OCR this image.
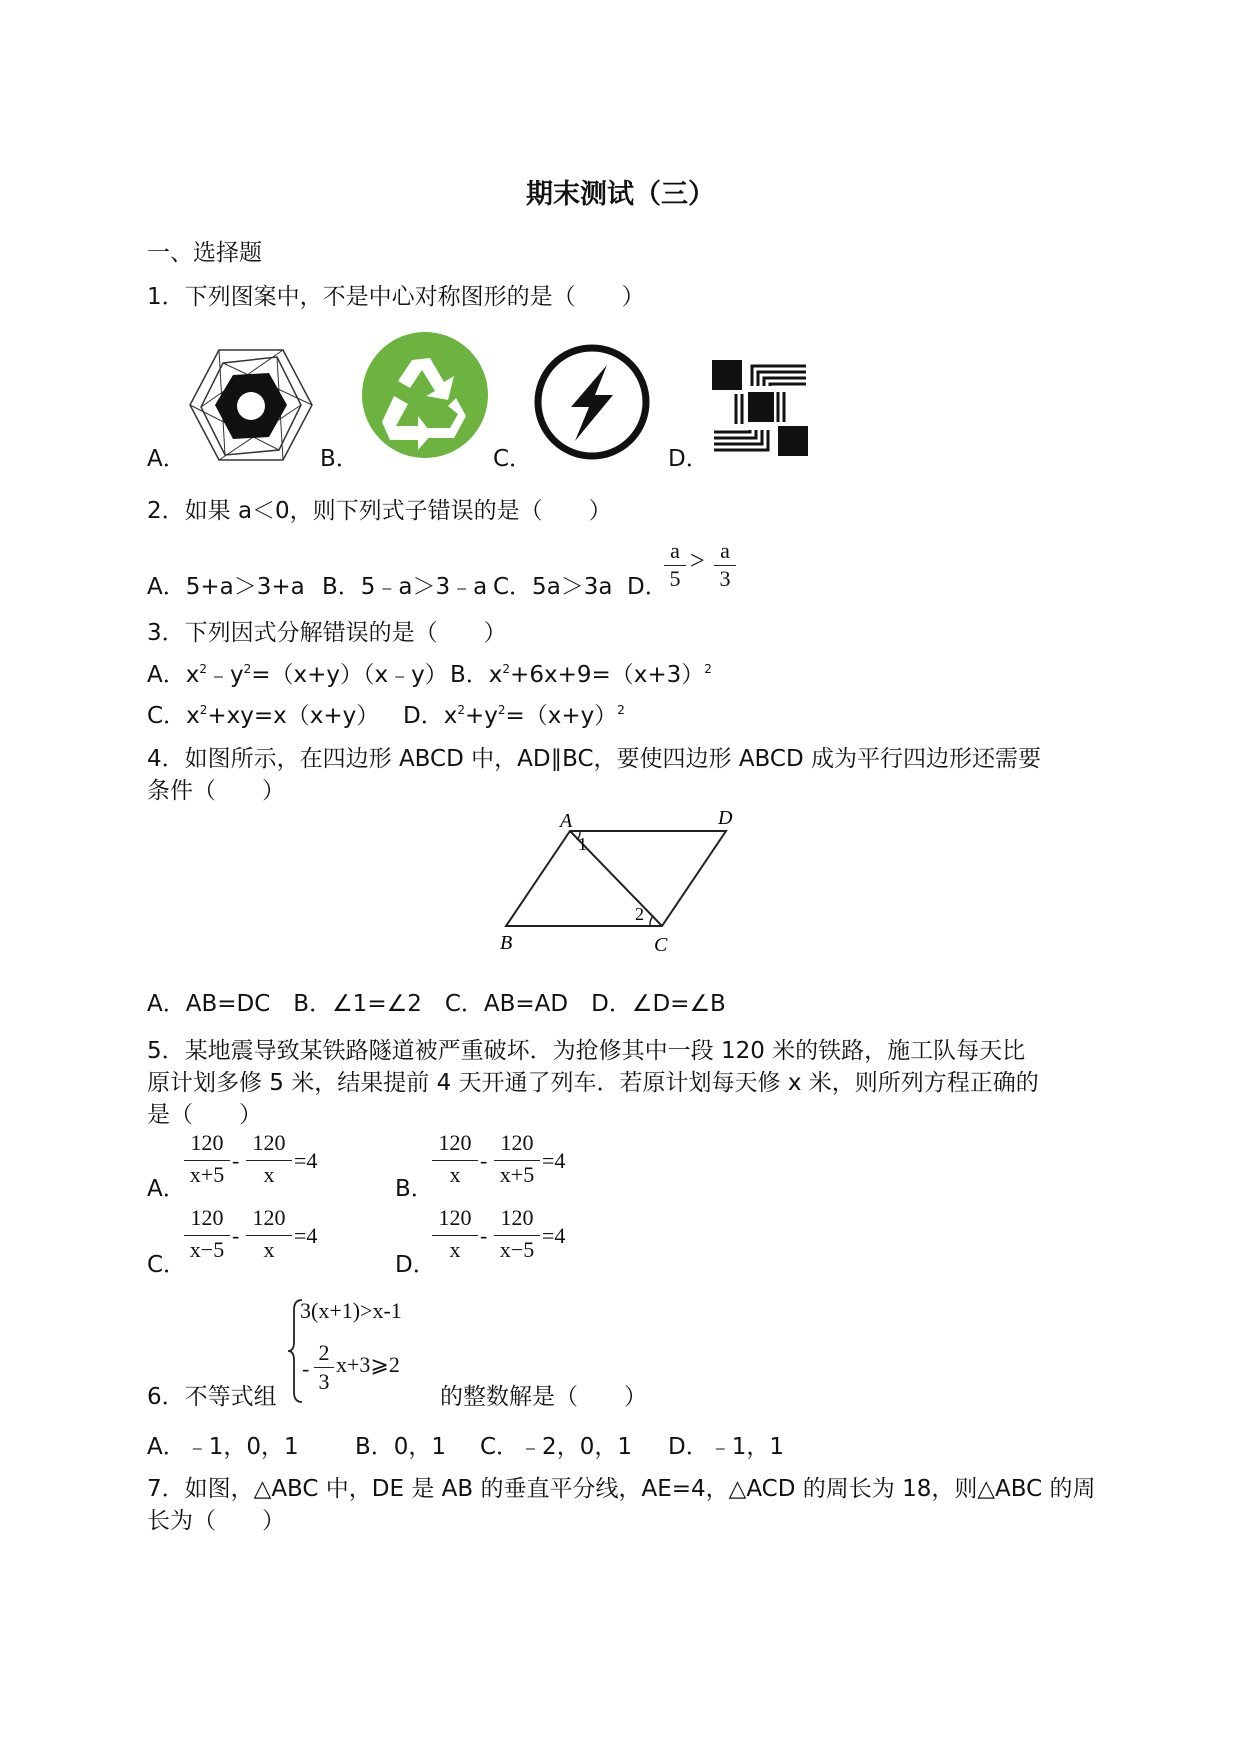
期末测试（三）
一、选择题
1．下列图案中，不是中心对称图形的是（　　）
A．	B．	C．	D．
2．如果 a＜0，则下列式子错误的是（　　）
A．5+a＞3+a B．5﹣a＞3﹣a C．5a＞3a D．
a
5
> a
3
3．下列因式分解错误的是（　　）
A．$x^2﹣y^2=(x+y)(x﹣y)$ B．$x^2+6x+9=(x+3)^2$
C．$x^2+xy=x(x+y)$ D．$x^2+y^2=(x+y)^2$
4．如图所示，在四边形 ABCD 中，AD∥BC，要使四边形 ABCD 成为平行四边形还需要
条件（　　）
A	D
B	C
1
2
A．AB=DC　B．∠1=∠2　C．AB=AD　D．∠D=∠B
5．某地震导致某铁路隧道被严重破坏．为抢修其中一段 120 米的铁路，施工队每天比
原计划多修 5 米，结果提前 4 天开通了列车．若原计划每天修 x 米，则所列方程正确的
是（　　）
A．
120
x+5
-
120
x
=4
B．
120
x
-
120
x+5
=4
C．
120
x−5
-
120
x
=4
D．
120
x
-
120
x−5
=4
6．不等式组
3(x+1)>x-1
-
2
3
x+3⩾2
的整数解是（　　）
A．﹣1，0，1 B．0，1 C．﹣2，0，1 D．﹣1，1
7．如图，△ABC 中，DE 是 AB 的垂直平分线，AE=4，△ACD 的周长为 18，则△ABC 的周
长为（　　）
